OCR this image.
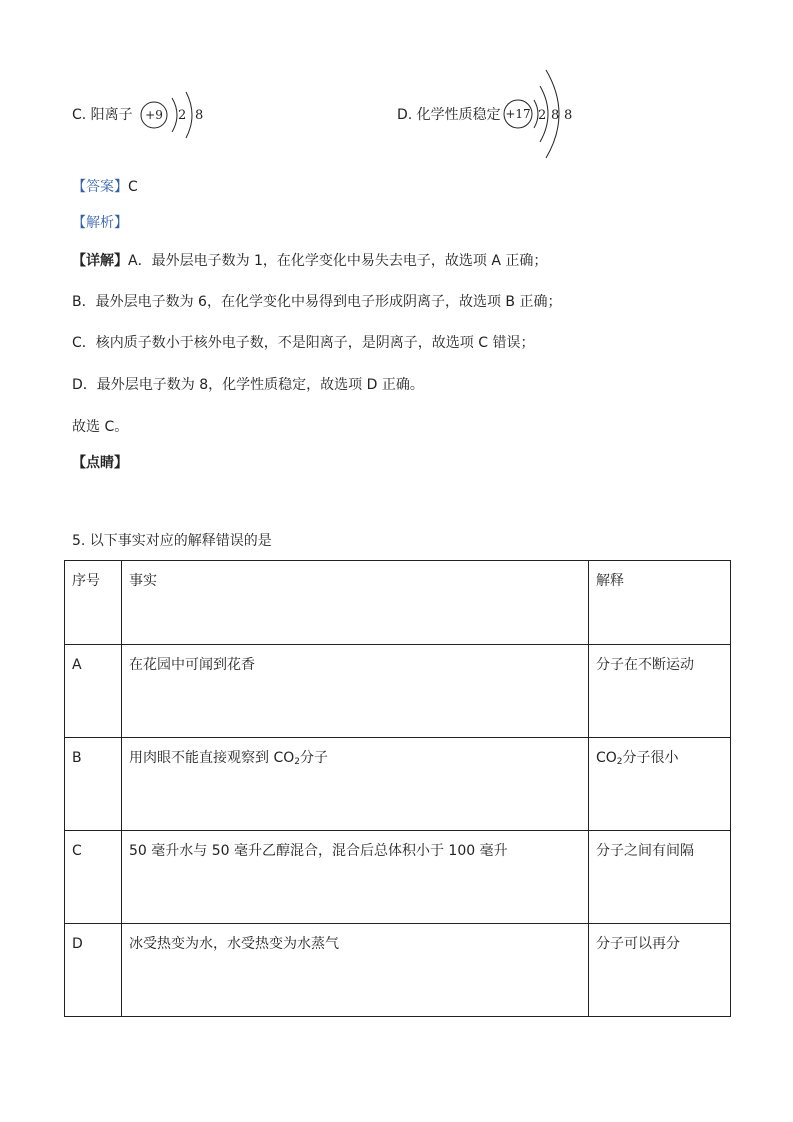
C. 阳离子 +9 2 8	D. 化学性质稳定 +17 2 8 8
【答案】C
【解析】
【详解】A．最外层电子数为 1，在化学变化中易失去电子，故选项 A 正确；
B．最外层电子数为 6，在化学变化中易得到电子形成阴离子，故选项 B 正确；
C．核内质子数小于核外电子数，不是阳离子，是阴离子，故选项 C 错误；
D．最外层电子数为 8，化学性质稳定，故选项 D 正确。
故选 C。
【点睛】
5. 以下事实对应的解释错误的是
序号	事实	解释
A	在花园中可闻到花香	分子在不断运动
B	用肉眼不能直接观察到 $CO_2$分子	$CO_2$分子很小
C	50 毫升水与 50 毫升乙醇混合，混合后总体积小于 100 毫升	分子之间有间隔
D	冰受热变为水，水受热变为水蒸气	分子可以再分
